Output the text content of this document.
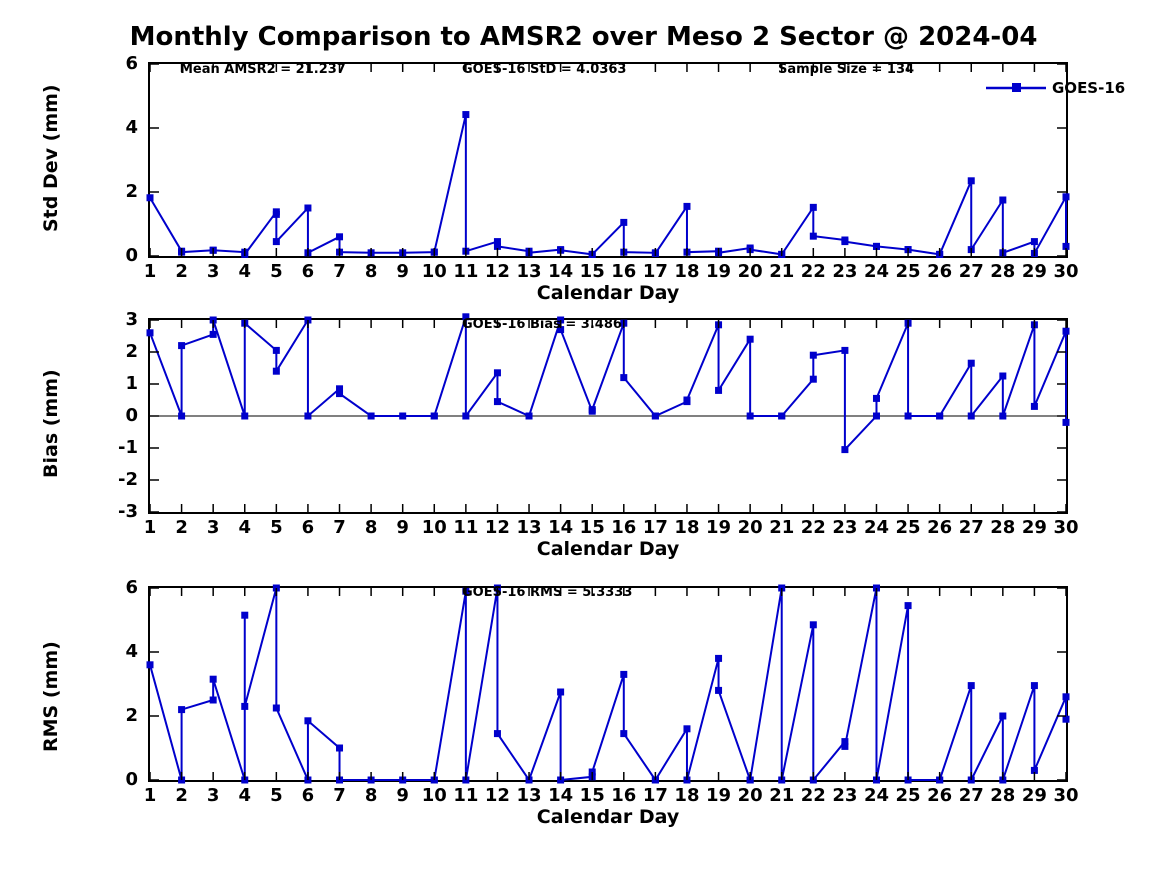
Monthly Comparison to AMSR2 over Meso 2 Sector @ 2024-04
Std Dev (mm)
Calendar Day
Mean AMSR2 = 21.237	GOES-16 StD = 4.0363	Sample Size = 134
GOES-16
Bias (mm)
Calendar Day
GOES-16 Bias = 3.486
RMS (mm)
Calendar Day
GOES-16 RMS = 5.3333
0
2
4
6
1	2	3	4	5	6	7	8	9 10 11 12 13 14 15 16 17 18 19 20 21 22 23 24 25 26 27 28 29 30
-3
-2
-1
0
1
2
3
1	2	3	4	5	6	7	8	9 10 11 12 13 14 15 16 17 18 19 20 21 22 23 24 25 26 27 28 29 30
0
2
4
6
1	2	3	4	5	6	7	8	9 10 11 12 13 14 15 16 17 18 19 20 21 22 23 24 25 26 27 28 29 30
